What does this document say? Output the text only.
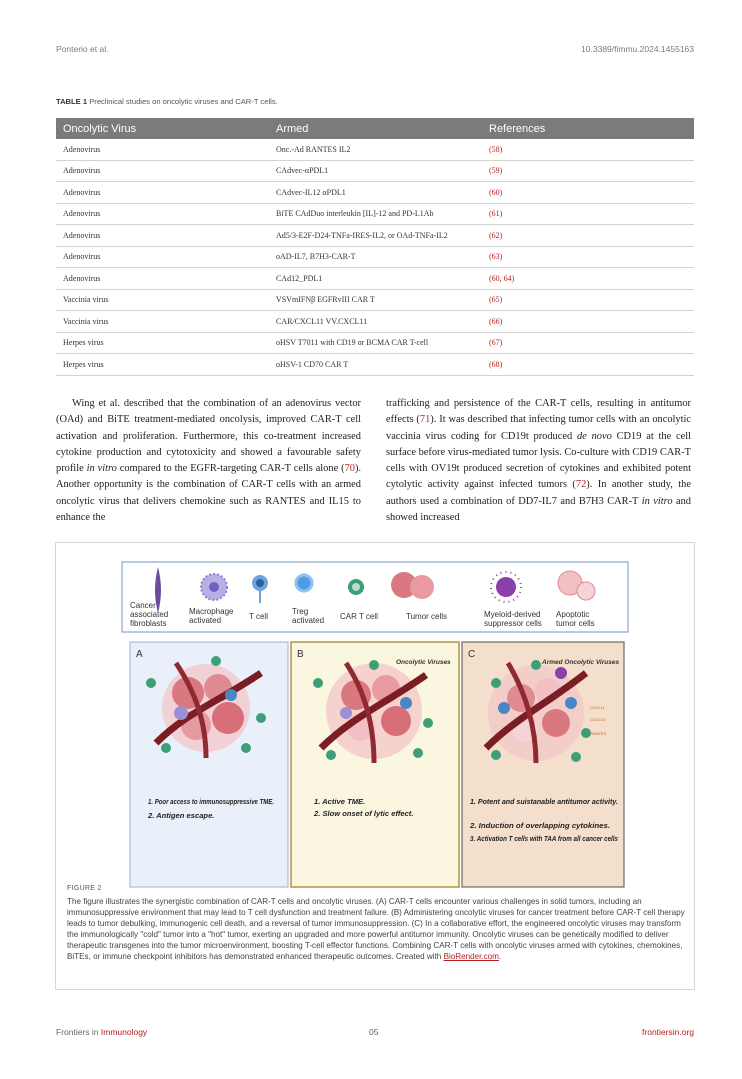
Ponterio et al.	10.3389/fimmu.2024.1455163
TABLE 1 Preclinical studies on oncolytic viruses and CAR-T cells.
Oncolytic Virus	Armed	References
Adenovirus	Onc.-Ad RANTES IL2	(58)
Adenovirus	CAdvec-αPDL1	(59)
Adenovirus	CAdvec-IL12 αPDL1	(60)
Adenovirus	BiTE CAdDuo interleukin [IL]-12 and PD-L1Ab	(61)
Adenovirus	Ad5/3-E2F-D24-TNFa-IRES-IL2, or OAd-TNFa-IL2	(62)
Adenovirus	oAD-IL7, B7H3-CAR-T	(63)
Adenovirus	CAd12_PDL1	(60, 64)
Vaccinia virus	VSVmIFNβ EGFRvIII CAR T	(65)
Vaccinia virus	CAR/CXCL11 VV.CXCL11	(66)
Herpes virus	oHSV T7011 with CD19 or BCMA CAR T-cell	(67)
Herpes virus	oHSV-1 CD70 CAR T	(68)
Wing et al. described that the combination of an adenovirus vector (OAd) and BiTE treatment-mediated oncolysis, improved CAR-T cell activation and proliferation. Furthermore, this co-treatment increased cytokine production and cytotoxicity and showed a favourable safety profile in vitro compared to the EGFR-targeting CAR-T cells alone (70). Another opportunity is the combination of CAR-T cells with an armed oncolytic virus that delivers chemokine such as RANTES and IL15 to enhance the
trafficking and persistence of the CAR-T cells, resulting in antitumor effects (71). It was described that infecting tumor cells with an oncolytic vaccinia virus coding for CD19t produced de novo CD19 at the cell surface before virus-mediated tumor lysis. Co-culture with CD19 CAR-T cells with OV19t produced secretion of cytokines and exhibited potent cytolytic activity against infected tumors (72). In another study, the authors used a combination of DD7-IL7 and B7H3 CAR-T in vitro and showed increased
Cancer associated fibroblasts
Macrophage activated	T cell
Treg activated CAR T cell	Tumor cells	Myeloid-derived suppressor cells
Apoptotic tumor cells
CXCL11
CXCL10
RANTES
A	B	C
Oncolytic Viruses	Armed Oncolytic Viruses
1. Poor access to immunosuppressive TME.
2. Antigen escape.
1. Active TME.
2. Slow onset of lytic effect.
1. Potent and suistanable antitumor activity.
2. Induction of overlapping cytokines.
3. Activation T cells with TAA from all cancer cells
FIGURE 2
The figure illustrates the synergistic combination of CAR-T cells and oncolytic viruses. (A) CAR-T cells encounter various challenges in solid tumors, including an immunosuppressive environment that may lead to T cell dysfunction and treatment failure. (B) Administering oncolytic viruses for cancer treatment before CAR-T cell therapy leads to tumor debulking, immunogenic cell death, and a reversal of tumor immunosuppression. (C) In a collaborative effort, the engineered oncolytic viruses may transform the immunologically "cold" tumor into a "hot" tumor, exerting an upgraded and more powerful antitumor immunity. Oncolytic viruses can be genetically modified to deliver therapeutic transgenes into the tumor microenvironment, boosting T-cell effector functions. Combining CAR-T cells with oncolytic viruses armed with cytokines, chemokines, BiTEs, or immune checkpoint inhibitors has demonstrated enhanced therapeutic outcomes. Created with BioRender.com.
Frontiers in Immunology	05	frontiersin.org
